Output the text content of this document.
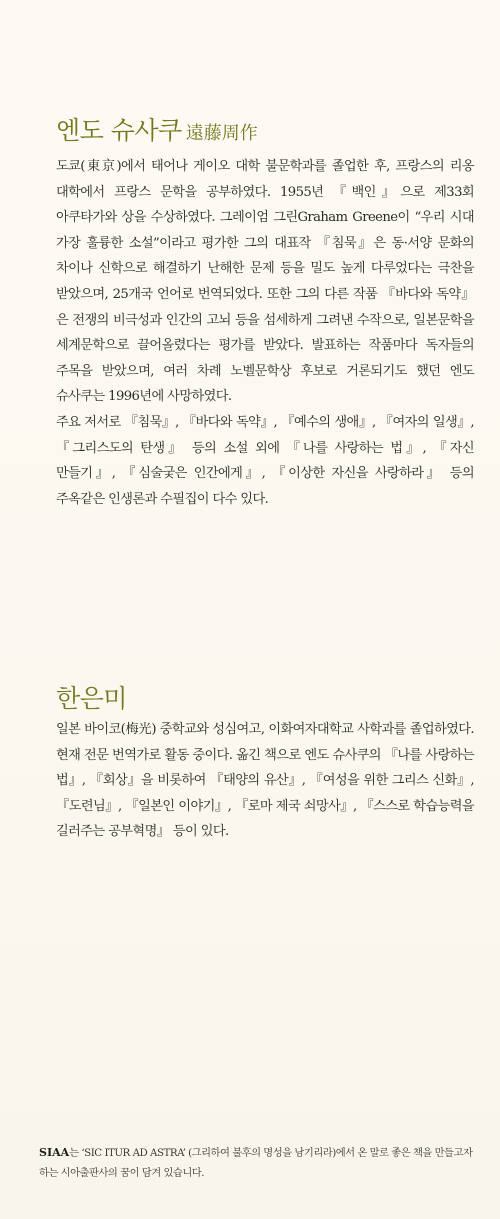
엔도 슈사쿠 遠藤周作

도쿄(東京)에서 태어나 게이오 대학 불문학과를 졸업한 후, 프랑스의 리옹 대학에서 프랑스 문학을 공부하였다. 1955년 『백인』으로 제33회 아쿠타가와 상을 수상하였다. 그레이엄 그린Graham Greene이 “우리 시대 가장 훌륭한 소설”이라고 평가한 그의 대표작 『침묵』은 동·서양 문화의 차이나 신학으로 해결하기 난해한 문제 등을 밀도 높게 다루었다는 극찬을 받았으며, 25개국 언어로 번역되었다. 또한 그의 다른 작품 『바다와 독약』은 전쟁의 비극성과 인간의 고뇌 등을 섬세하게 그려낸 수작으로, 일본문학을 세계문학으로 끌어올렸다는 평가를 받았다. 발표하는 작품마다 독자들의 주목을 받았으며, 여러 차례 노벨문학상 후보로 거론되기도 했던 엔도 슈사쿠는 1996년에 사망하였다.

주요 저서로 『침묵』, 『바다와 독약』, 『예수의 생애』, 『여자의 일생』, 『그리스도의 탄생』 등의 소설 외에 『나를 사랑하는 법』, 『자신 만들기』, 『심술궂은 인간에게』, 『이상한 자신을 사랑하라』 등의 주옥같은 인생론과 수필집이 다수 있다.

한은미

일본 바이코(梅光) 중학교와 성심여고, 이화여자대학교 사학과를 졸업하였다. 현재 전문 번역가로 활동 중이다. 옮긴 책으로 엔도 슈사쿠의 『나를 사랑하는 법』, 『회상』을 비롯하여 『태양의 유산』, 『여성을 위한 그리스 신화』, 『도련님』, 『일본인 이야기』, 『로마 제국 쇠망사』, 『스스로 학습능력을 길러주는 공부혁명』 등이 있다.

SIAA는 ‘SIC ITUR AD ASTRA’ (그리하여 불후의 명성을 남기리라)에서 온 말로 좋은 책을 만들고자 하는 시아출판사의 꿈이 담겨 있습니다.
